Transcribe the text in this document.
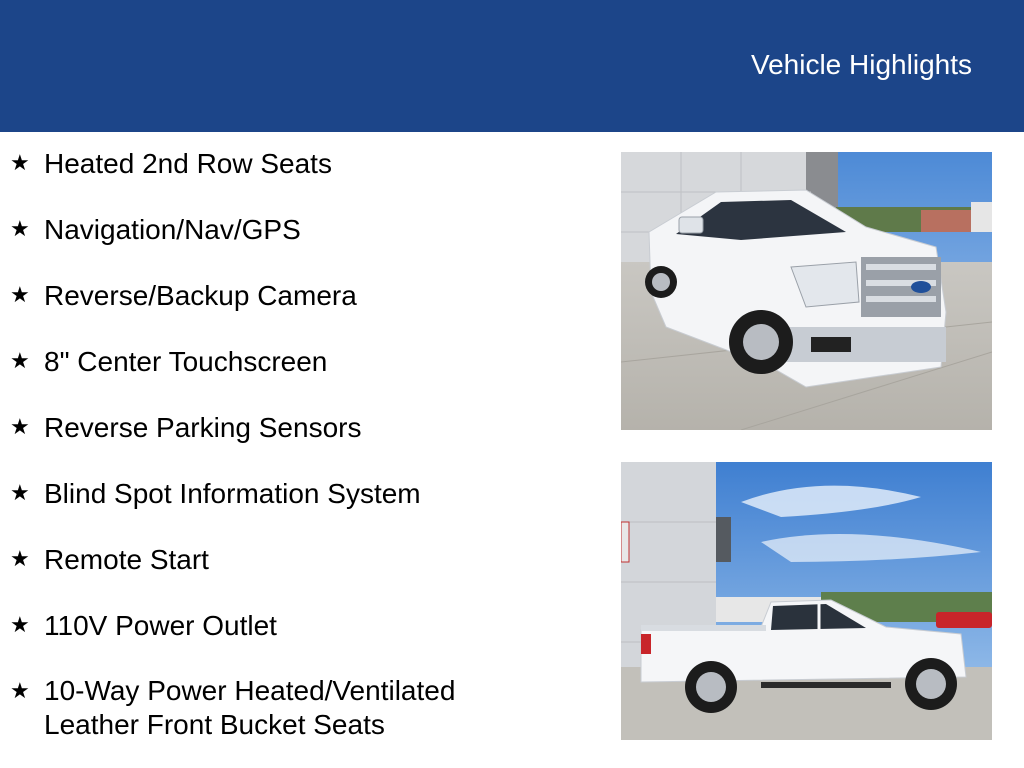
Vehicle Highlights
★ Heated 2nd Row Seats
★ Navigation/Nav/GPS
★ Reverse/Backup Camera
★ 8" Center Touchscreen
★ Reverse Parking Sensors
★ Blind Spot Information System
★ Remote Start
★ 110V Power Outlet
★ 10-Way Power Heated/Ventilated
Leather Front Bucket Seats
